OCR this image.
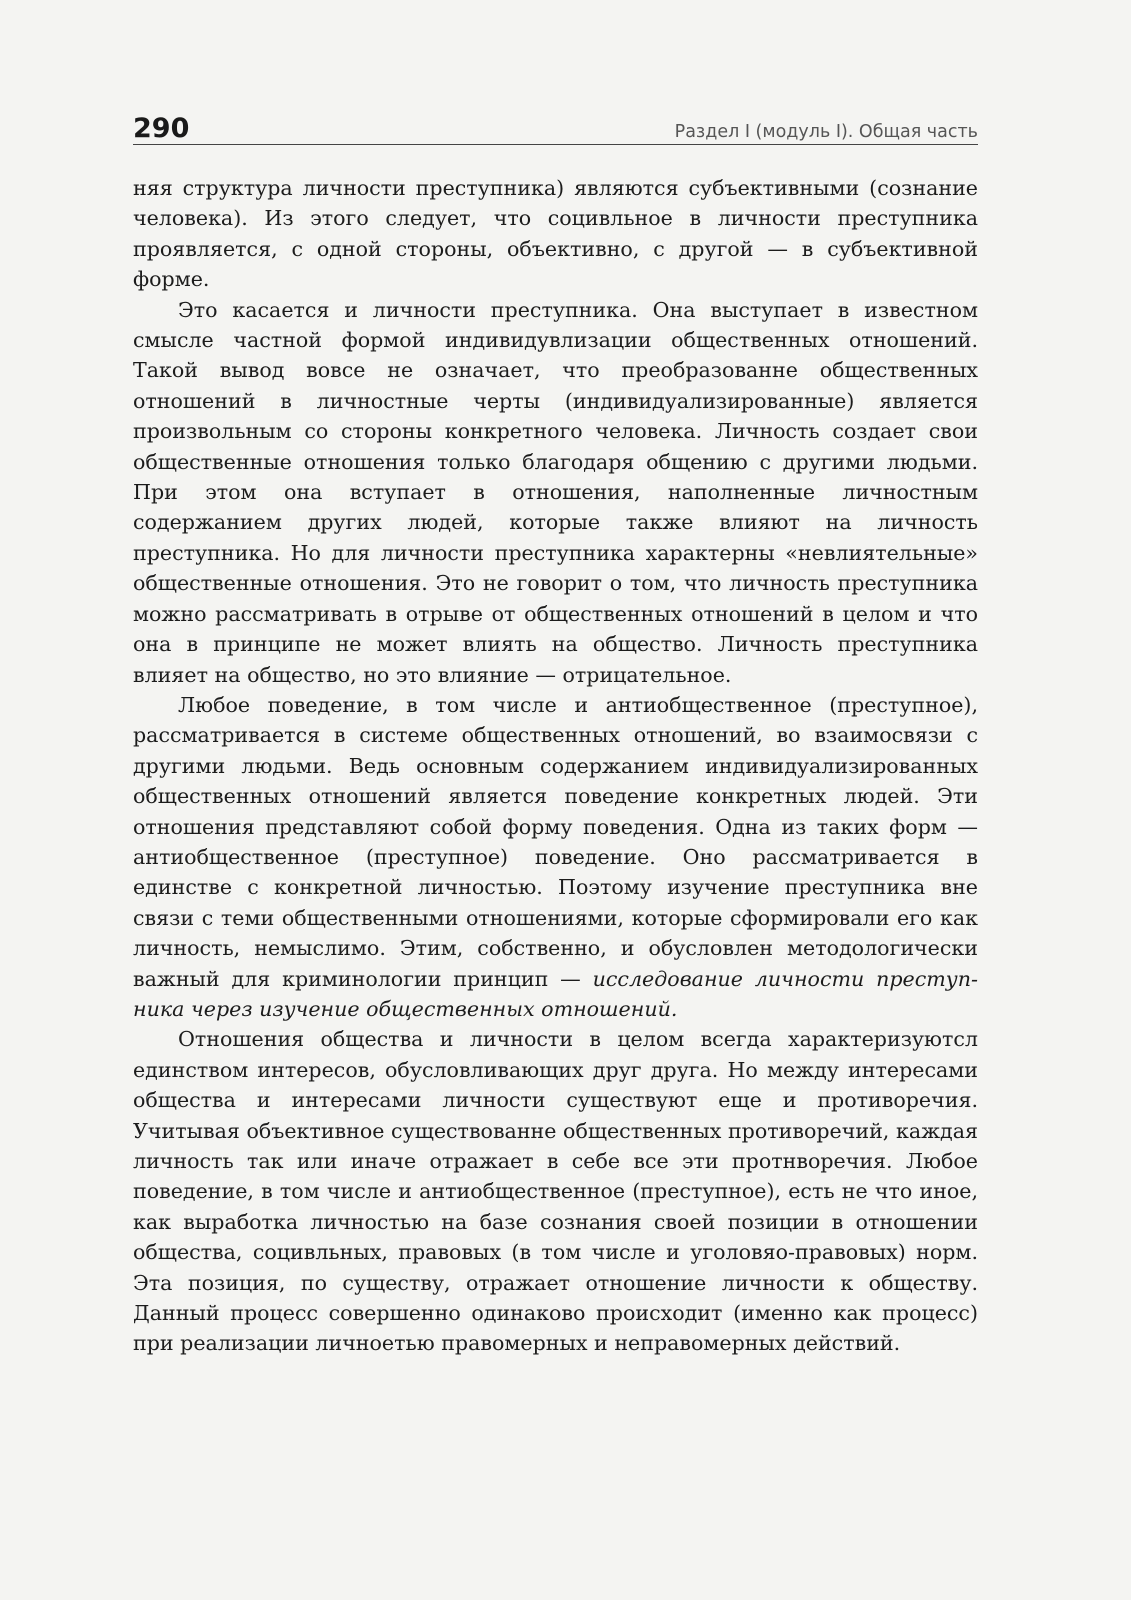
290	Раздел I (модуль I). Общая часть

няя структура личности преступника) являются субъективными (сознание человека). Из этого следует, что социвльное в личности преступника проявляется, с одной стороны, объективно, с другой — в субъективной форме.

Это касается и личности преступника. Она выступает в известном смысле частной формой индивидувлизации общественных отношений. Такой вывод вовсе не означает, что преобразованне общественных отношений в личностные черты (индивидуализированные) является произвольным со стороны конкретного человека. Личность создает свои общественные отношения только благодаря общению с другими людьми. При этом она вступает в отношения, наполненные личностным содержанием других людей, которые также влияют на личность преступника. Но для личности преступника характерны «невлиятельные» общественные отношения. Это не говорит о том, что личность преступника можно рассматривать в отрыве от общественных отношений в целом и что она в принципе не может влиять на общество. Личность преступника влияет на общество, но это влияние — отрицательное.

Любое поведение, в том числе и антиобщественное (преступное), рассматривается в системе общественных отношений, во взаимосвязи с другими людьми. Ведь основным содержанием индивидуализированных общественных отношений является поведение конкретных людей. Эти отношения представляют собой форму поведения. Одна из таких форм — антиобщественное (преступное) поведение. Оно рассматривается в единстве с конкретной личностью. Поэтому изучение преступника вне связи с теми общественными отношениями, которые сформировали его как личность, немыслимо. Этим, собственно, и обусловлен методологически важный для криминологии принцип — исследование личности преступника через изучение общественных отношений.

Отношения общества и личности в целом всегда характеризуютсл единством интересов, обусловливающих друг друга. Но между интересами общества и интересами личности существуют еще и противоречия. Учитывая объективное существованне общественных противоречий, каждая личность так или иначе отражает в себе все эти протнворечия. Любое поведение, в том числе и антиобщественное (преступное), есть не что иное, как выработка личностью на базе сознания своей позиции в отношении общества, социвльных, правовых (в том числе и уголовяо-правовых) норм. Эта позиция, по существу, отражает отношение личности к обществу. Данный процесс совершенно одинаково происходит (именно как процесс) при реализации личноетью правомерных и неправомерных действий.
